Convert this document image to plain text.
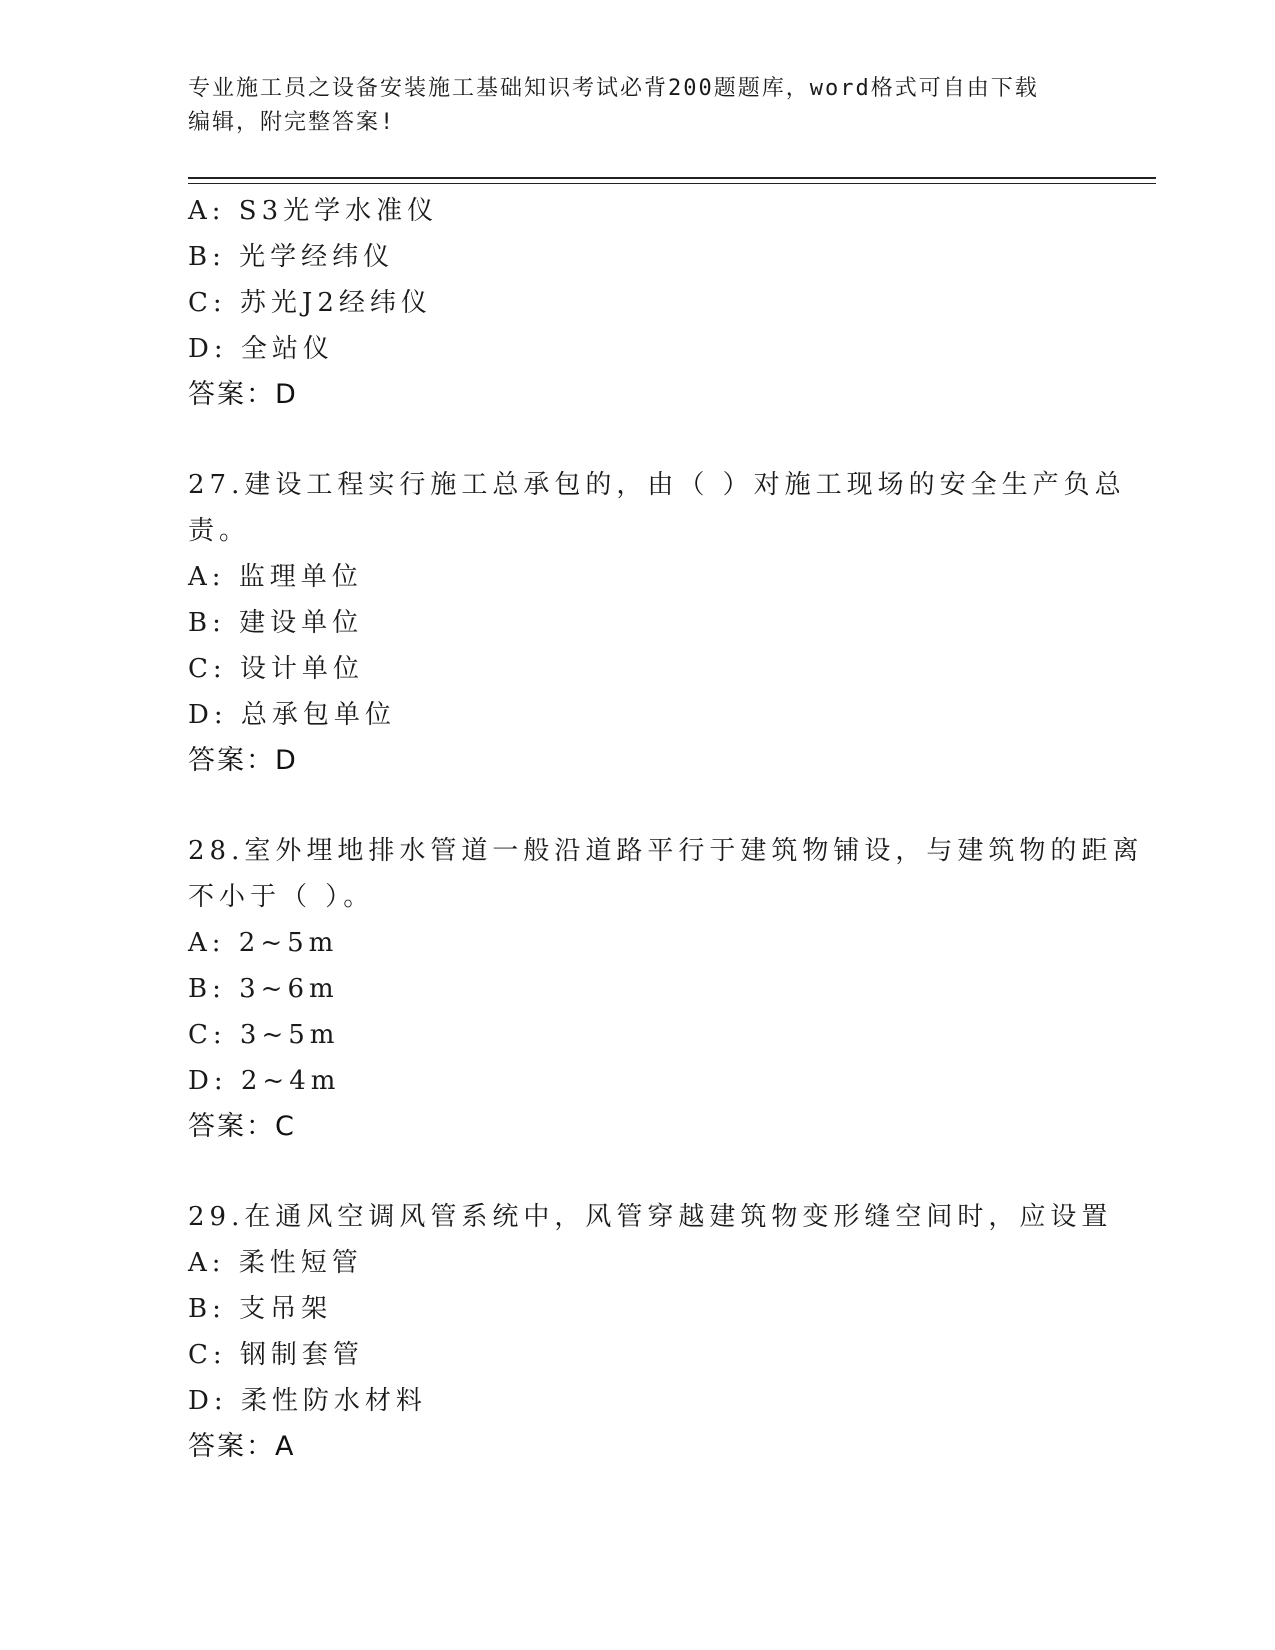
专业施工员之设备安装施工基础知识考试必背200题题库，word格式可自由下载
编辑，附完整答案!
A: S3光学水准仪
B: 光学经纬仪
C: 苏光J2经纬仪
D: 全站仪
答案：D
27.建设工程实行施工总承包的，由（ ）对施工现场的安全生产负总
责。
A: 监理单位
B: 建设单位
C: 设计单位
D: 总承包单位
答案：D
28.室外埋地排水管道一般沿道路平行于建筑物铺设，与建筑物的距离
不小于（ ）。
A: 2~5m
B: 3~6m
C: 3~5m
D: 2~4m
答案：C
29.在通风空调风管系统中，风管穿越建筑物变形缝空间时，应设置
A: 柔性短管
B: 支吊架
C: 钢制套管
D: 柔性防水材料
答案：A
